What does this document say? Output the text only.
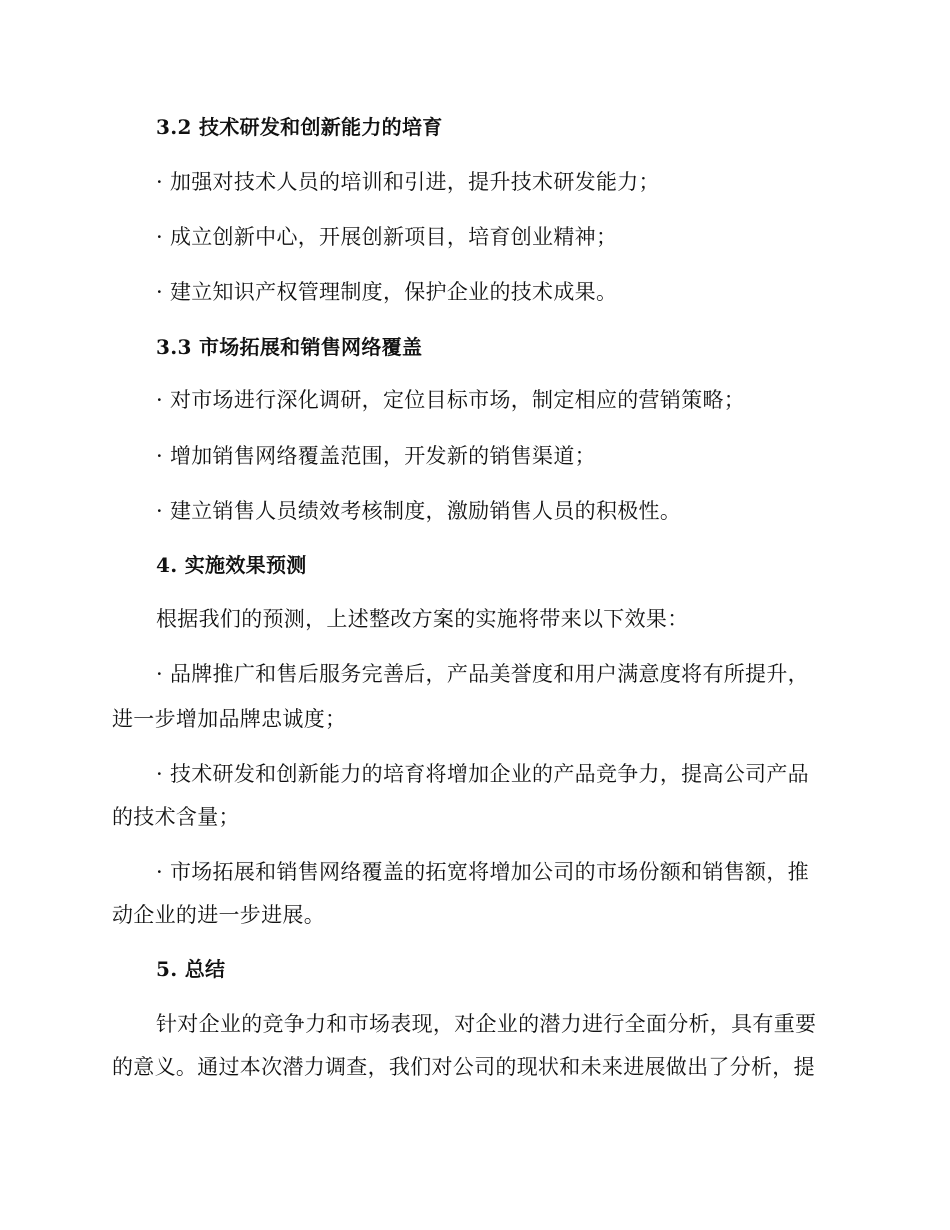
3.2 技术研发和创新能力的培育
· 加强对技术人员的培训和引进，提升技术研发能力；
· 成立创新中心，开展创新项目，培育创业精神；
· 建立知识产权管理制度，保护企业的技术成果。
3.3 市场拓展和销售网络覆盖
· 对市场进行深化调研，定位目标市场，制定相应的营销策略；
· 增加销售网络覆盖范围，开发新的销售渠道；
· 建立销售人员绩效考核制度，激励销售人员的积极性。
4. 实施效果预测
根据我们的预测，上述整改方案的实施将带来以下效果：
· 品牌推广和售后服务完善后，产品美誉度和用户满意度将有所提升，
进一步增加品牌忠诚度；
· 技术研发和创新能力的培育将增加企业的产品竞争力，提高公司产品
的技术含量；
· 市场拓展和销售网络覆盖的拓宽将增加公司的市场份额和销售额，推
动企业的进一步进展。
5. 总结
针对企业的竞争力和市场表现，对企业的潜力进行全面分析，具有重要
的意义。通过本次潜力调查，我们对公司的现状和未来进展做出了分析，提
